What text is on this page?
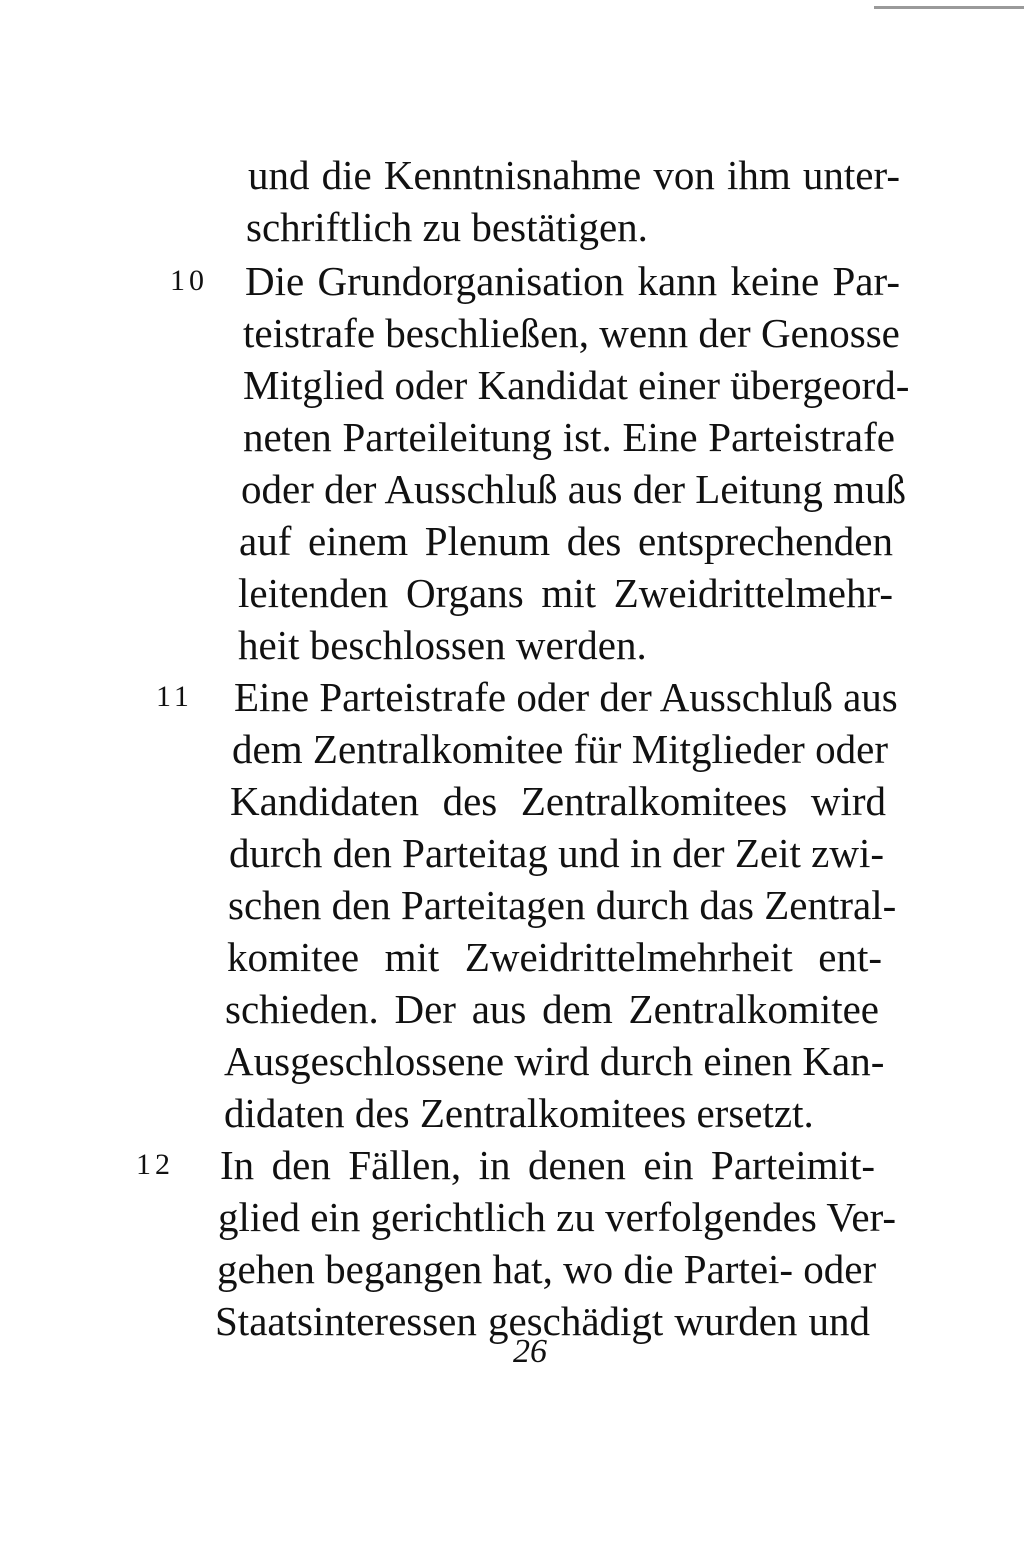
und die Kenntnisnahme von ihm unter-
schriftlich zu bestätigen.
10 Die Grundorganisation kann keine Par-
teistrafe beschließen, wenn der Genosse
Mitglied oder Kandidat einer übergeord-
neten Parteileitung ist. Eine Parteistrafe
oder der Ausschluß aus der Leitung muß
auf einem Plenum des entsprechenden
leitenden Organs mit Zweidrittelmehr-
heit beschlossen werden.
11 Eine Parteistrafe oder der Ausschluß aus
dem Zentralkomitee für Mitglieder oder
Kandidaten des Zentralkomitees wird
durch den Parteitag und in der Zeit zwi-
schen den Parteitagen durch das Zentral-
komitee mit Zweidrittelmehrheit ent-
schieden. Der aus dem Zentralkomitee
Ausgeschlossene wird durch einen Kan-
didaten des Zentralkomitees ersetzt.
12 In den Fällen, in denen ein Parteimit-
glied ein gerichtlich zu verfolgendes Ver-
gehen begangen hat, wo die Partei- oder
Staatsinteressen geschädigt wurden und
26
